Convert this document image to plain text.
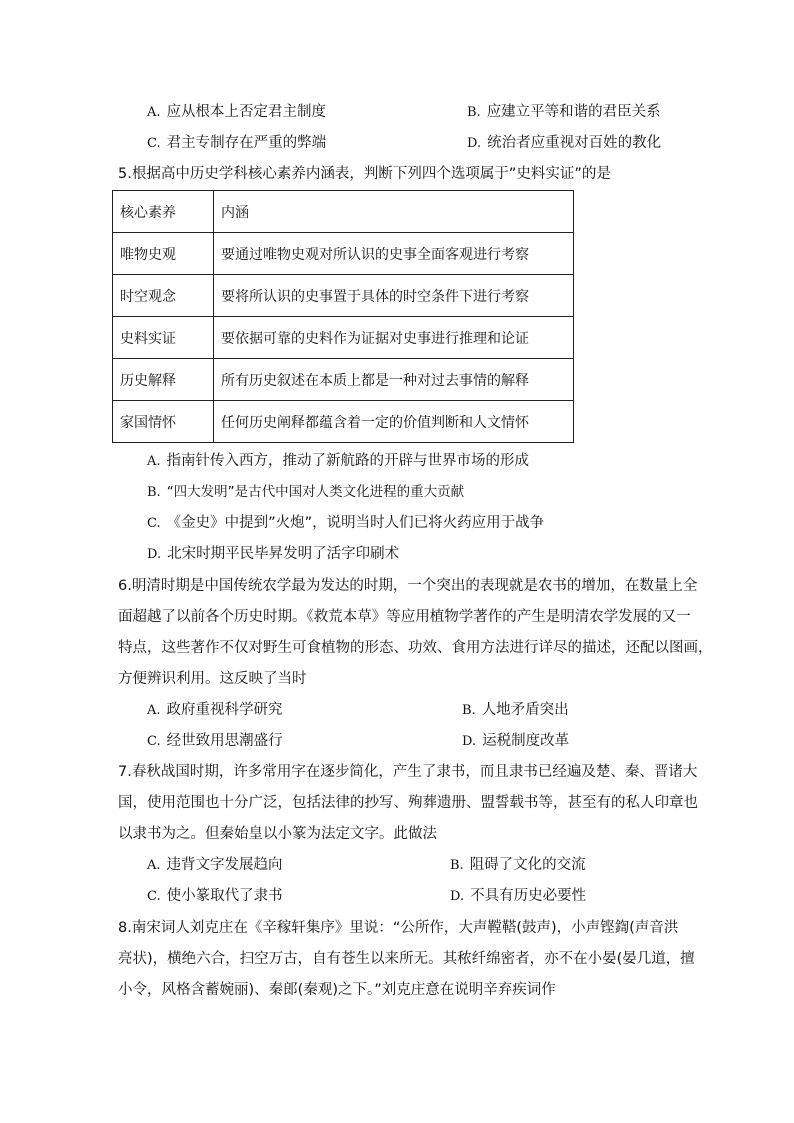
A. 应从根本上否定君主制度	B. 应建立平等和谐的君臣关系
C. 君主专制存在严重的弊端	D. 统治者应重视对百姓的教化
5.根据高中历史学科核心素养内涵表，判断下列四个选项属于”史料实证”的是
核心素养	内涵
唯物史观	要通过唯物史观对所认识的史事全面客观进行考察
时空观念	要将所认识的史事置于具体的时空条件下进行考察
史料实证	要依据可靠的史料作为证据对史事进行推理和论证
历史解释	所有历史叙述在本质上都是一种对过去事情的解释
家国情怀	任何历史阐释都蕴含着一定的价值判断和人文情怀
A. 指南针传入西方，推动了新航路的开辟与世界市场的形成
B. “四大发明”是古代中国对人类文化进程的重大贡献
C. 《金史》中提到”火炮”，说明当时人们已将火药应用于战争
D. 北宋时期平民毕昇发明了活字印刷术
6.明清时期是中国传统农学最为发达的时期，一个突出的表现就是农书的增加，在数量上全
面超越了以前各个历史时期。《救荒本草》等应用植物学著作的产生是明清农学发展的又一
特点，这些著作不仅对野生可食植物的形态、功效、食用方法进行详尽的描述，还配以图画，
方便辨识利用。这反映了当时
A. 政府重视科学研究	B. 人地矛盾突出
C. 经世致用思潮盛行	D. 运税制度改革
7.春秋战国时期，许多常用字在逐步简化，产生了隶书，而且隶书已经遍及楚、秦、晋诸大
国，使用范围也十分广泛，包括法律的抄写、殉葬遗册、盟誓载书等，甚至有的私人印章也
以隶书为之。但秦始皇以小篆为法定文字。此做法
A. 违背文字发展趋向	B. 阻碍了文化的交流
C. 使小篆取代了隶书	D. 不具有历史必要性
8.南宋词人刘克庄在《辛稼轩集序》里说：“公所作，大声鞺鞳(鼓声)，小声铿鍧(声音洪
亮状)，横绝六合，扫空万古，自有苍生以来所无。其秾纤绵密者，亦不在小晏(晏几道，擅
小令，风格含蓄婉丽)、秦郎(秦观)之下。”刘克庄意在说明辛弃疾词作
